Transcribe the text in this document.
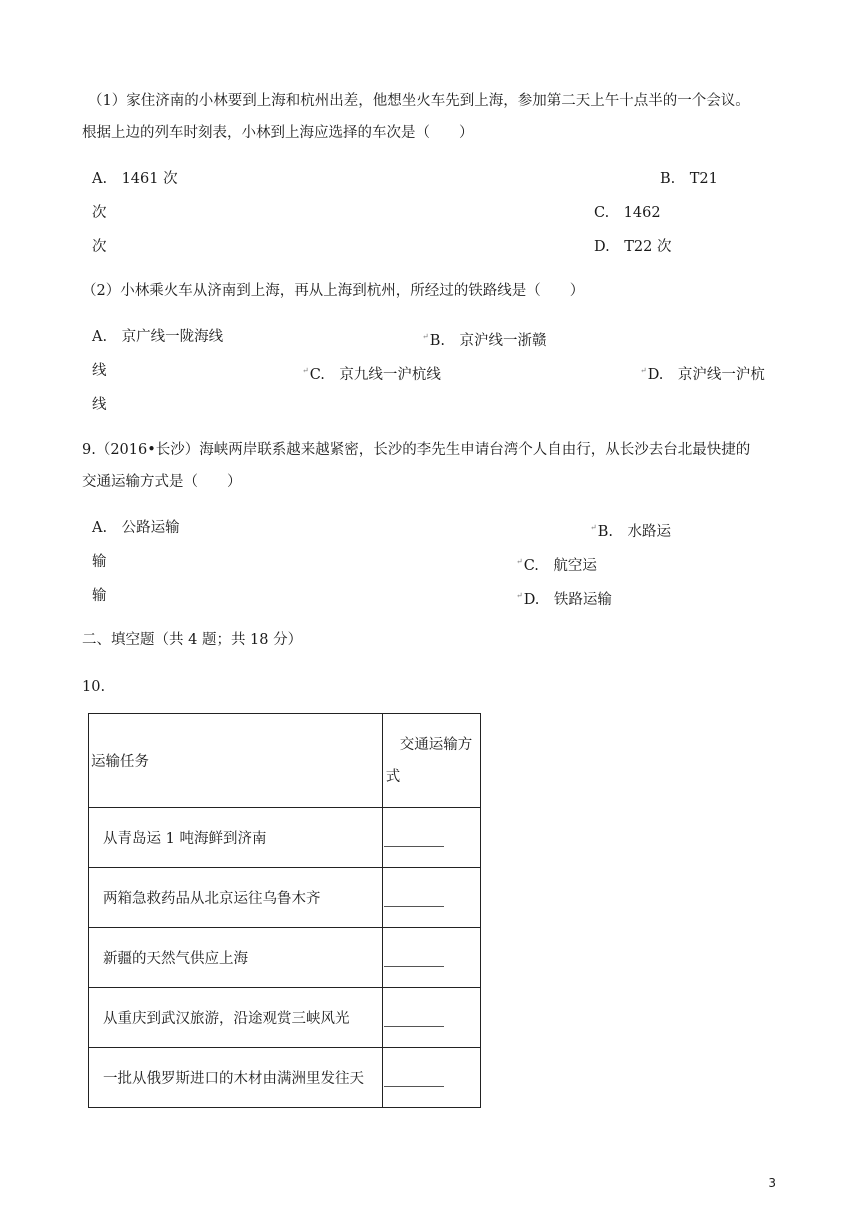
（1）家住济南的小林要到上海和杭州出差，他想坐火车先到上海，参加第二天上午十点半的一个会议。
根据上边的列车时刻表，小林到上海应选择的车次是（　　）
A.　1461 次	B.　T21
次	C.　1462
次	D.　T22 次
（2）小林乘火车从济南到上海，再从上海到杭州，所经过的铁路线是（　　）
A.　京广线一陇海线	↵B.　京沪线一浙赣
线	↵C.　京九线一沪杭线	↵D.　京沪线一沪杭
线
9.（2016•长沙）海峡两岸联系越来越紧密，长沙的李先生申请台湾个人自由行，从长沙去台北最快捷的
交通运输方式是（　　）
A.　公路运输	↵B.　水路运
输	↵C.　航空运
输	↵D.　铁路运输
二、填空题（共 4 题；共 18 分）
10.
运输任务	交通运输方式

从青岛运 1 吨海鲜到济南	

两箱急救药品从北京运往乌鲁木齐	

新疆的天然气供应上海	

从重庆到武汉旅游，沿途观赏三峡风光	

一批从俄罗斯进口的木材由满洲里发往天	
3
